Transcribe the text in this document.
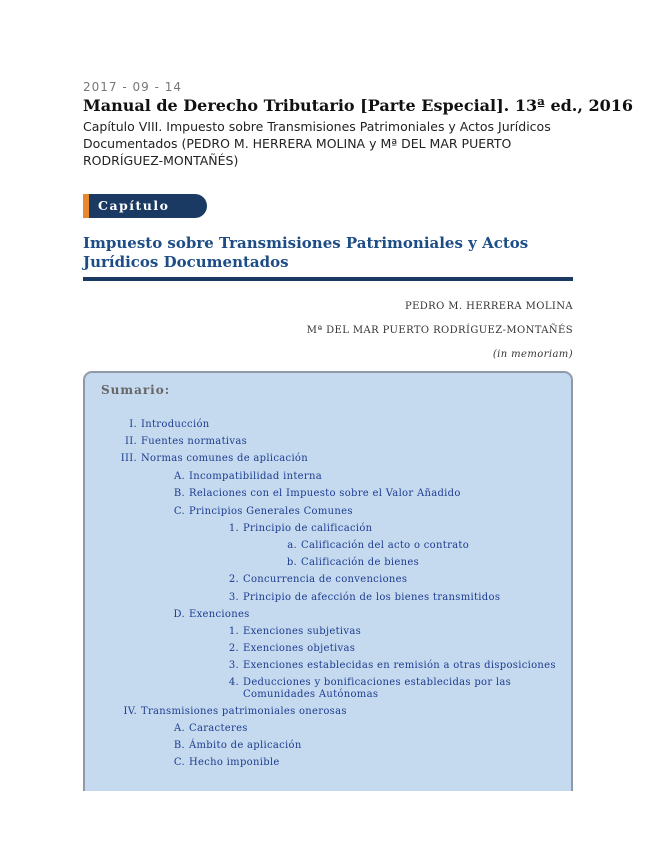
2017 - 09 - 14
Manual de Derecho Tributario [Parte Especial]. 13ª ed., 2016
Capítulo VIII. Impuesto sobre Transmisiones Patrimoniales y Actos Jurídicos Documentados (PEDRO M. HERRERA MOLINA y Mª DEL MAR PUERTO RODRÍGUEZ-MONTAÑÉS)
Capítulo VIII
Impuesto sobre Transmisiones Patrimoniales y Actos Jurídicos Documentados
PEDRO M. HERRERA MOLINA
Mª DEL MAR PUERTO RODRÍGUEZ-MONTAÑÉS
(in memoriam)
Sumario:
I. Introducción
II. Fuentes normativas
III. Normas comunes de aplicación
A. Incompatibilidad interna
B. Relaciones con el Impuesto sobre el Valor Añadido
C. Principios Generales Comunes
1. Principio de calificación
a. Calificación del acto o contrato
b. Calificación de bienes
2. Concurrencia de convenciones
3. Principio de afección de los bienes transmitidos
D. Exenciones
1. Exenciones subjetivas
2. Exenciones objetivas
3. Exenciones establecidas en remisión a otras disposiciones
4. Deducciones y bonificaciones establecidas por las Comunidades Autónomas
IV. Transmisiones patrimoniales onerosas
A. Caracteres
B. Ámbito de aplicación
C. Hecho imponible
